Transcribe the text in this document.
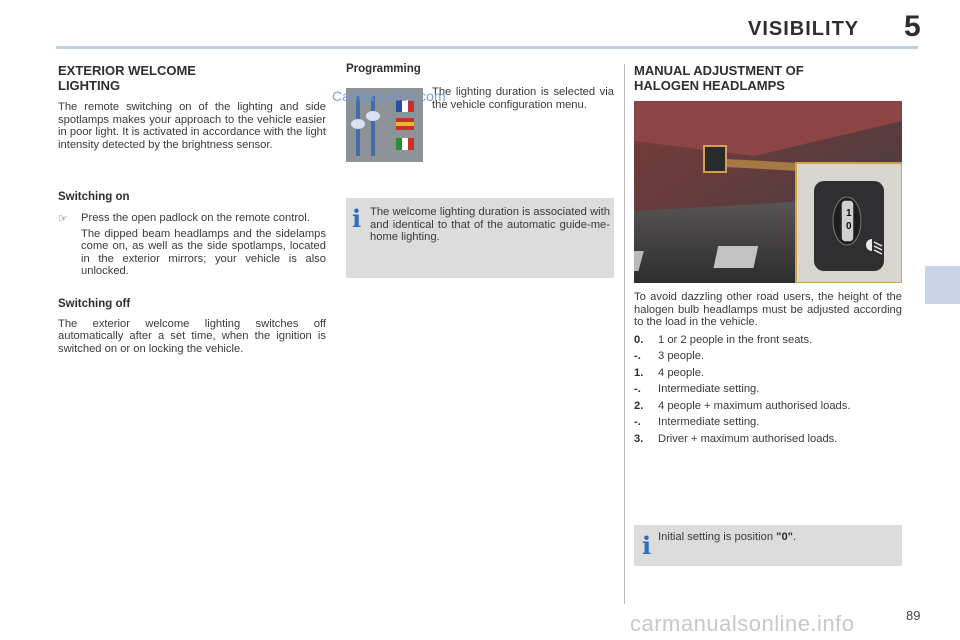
VISIBILITY 5
EXTERIOR WELCOME
LIGHTING

The remote switching on of the lighting and side spotlamps makes your approach to the vehicle easier in poor light. It is activated in accordance with the light intensity detected by the brightness sensor.

Switching on
☞ Press the open padlock on the remote control.

The dipped beam headlamps and the sidelamps come on, as well as the side spotlamps, located in the exterior mirrors; your vehicle is also unlocked.

Switching off

The exterior welcome lighting switches off automatically after a set time, when the ignition is switched on or on locking the vehicle.

Programming

The lighting duration is selected via the vehicle configuration menu.

i The welcome lighting duration is associated with and identical to that of the automatic guide-me-home lighting.

MANUAL ADJUSTMENT OF
HALOGEN HEADLAMPS
1
0

To avoid dazzling other road users, the height of the halogen bulb headlamps must be adjusted according to the load in the vehicle.

0. 1 or 2 people in the front seats.
-. 3 people.
1. 4 people.
-. Intermediate setting.
2. 4 people + maximum authorised loads.
-. Intermediate setting.
3. Driver + maximum authorised loads.
i Initial setting is position "0".
89
CarManuals2.com
carmanualsonline.info
